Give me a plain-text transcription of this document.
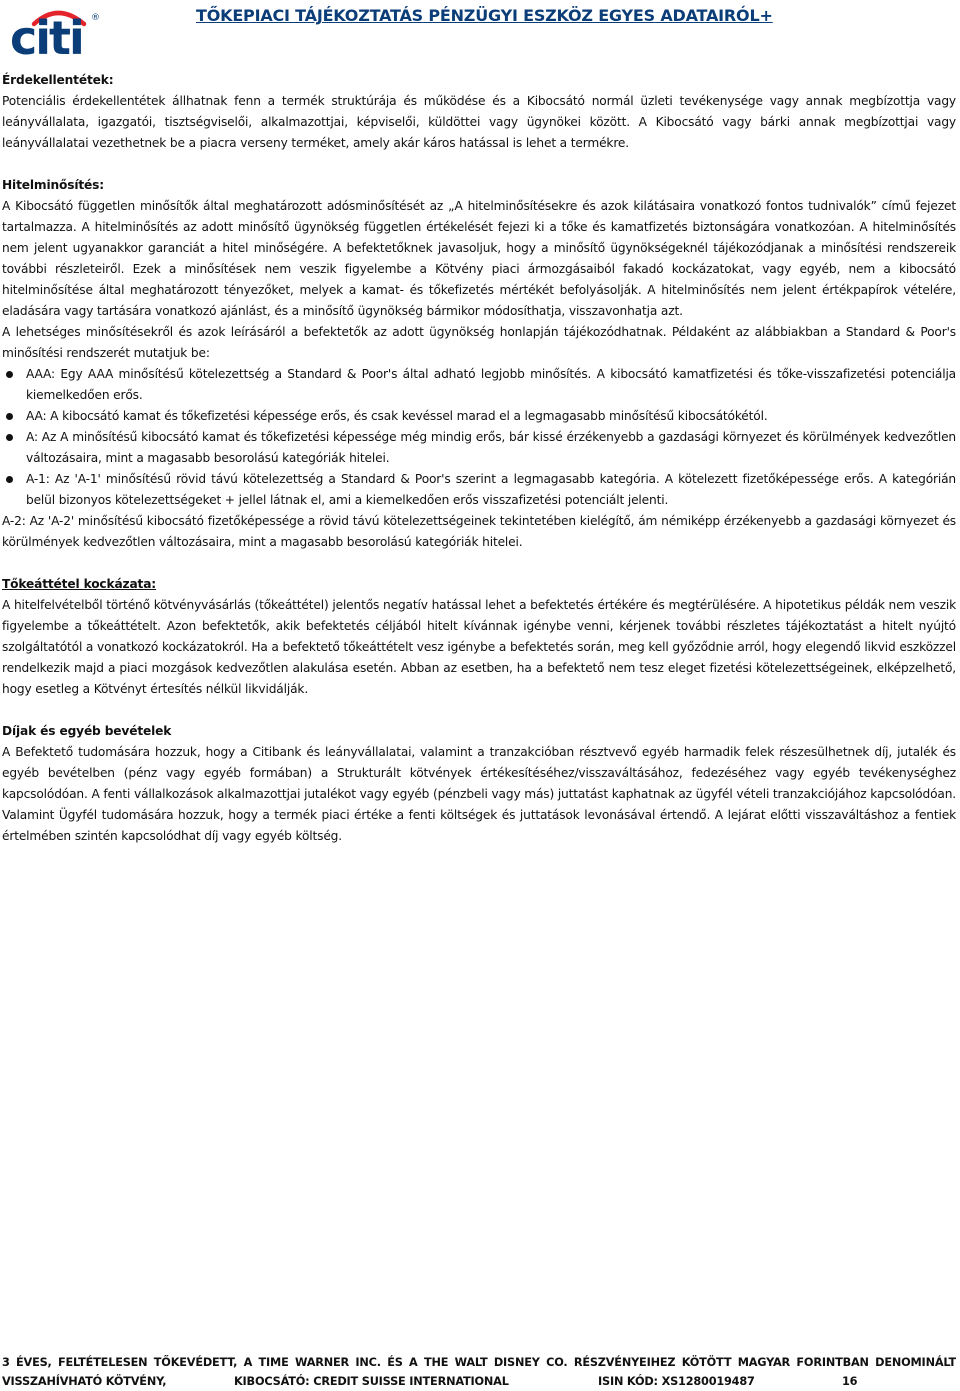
citi ®	TŐKEPIACI TÁJÉKOZTATÁS PÉNZÜGYI ESZKÖZ EGYES ADATAIRÓL+

Érdekellentétek:

Potenciális érdekellentétek állhatnak fenn a termék struktúrája és működése és a Kibocsátó normál üzleti tevékenysége vagy annak megbízottja vagy leányvállalata, igazgatói, tisztségviselői, alkalmazottjai, képviselői, küldöttei vagy ügynökei között. A Kibocsátó vagy bárki annak megbízottjai vagy leányvállalatai vezethetnek be a piacra verseny terméket, amely akár káros hatással is lehet a termékre.

Hitelminősítés:

A Kibocsátó független minősítők által meghatározott adósminősítését az „A hitelminősítésekre és azok kilátásaira vonatkozó fontos tudnivalók” című fejezet tartalmazza. A hitelminősítés az adott minősítő ügynökség független értékelését fejezi ki a tőke és kamatfizetés biztonságára vonatkozóan. A hitelminősítés nem jelent ugyanakkor garanciát a hitel minőségére. A befektetőknek javasoljuk, hogy a minősítő ügynökségeknél tájékozódjanak a minősítési rendszereik további részleteiről. Ezek a minősítések nem veszik figyelembe a Kötvény piaci ármozgásaiból fakadó kockázatokat, vagy egyéb, nem a kibocsátó hitelminősítése által meghatározott tényezőket, melyek a kamat- és tőkefizetés mértékét befolyásolják. A hitelminősítés nem jelent értékpapírok vételére, eladására vagy tartására vonatkozó ajánlást, és a minősítő ügynökség bármikor módosíthatja, visszavonhatja azt.

A lehetséges minősítésekről és azok leírásáról a befektetők az adott ügynökség honlapján tájékozódhatnak. Példaként az alábbiakban a Standard & Poor's minősítési rendszerét mutatjuk be:

AAA: Egy AAA minősítésű kötelezettség a Standard & Poor's által adható legjobb minősítés. A kibocsátó kamatfizetési és tőke-visszafizetési potenciálja kiemelkedően erős.
AA: A kibocsátó kamat és tőkefizetési képessége erős, és csak kevéssel marad el a legmagasabb minősítésű kibocsátókétól.
A: Az A minősítésű kibocsátó kamat és tőkefizetési képessége még mindig erős, bár kissé érzékenyebb a gazdasági környezet és körülmények kedvezőtlen változásaira, mint a magasabb besorolású kategóriák hitelei.
A-1: Az 'A-1' minősítésű rövid távú kötelezettség a Standard & Poor's szerint a legmagasabb kategória. A kötelezett fizetőképessége erős. A kategórián belül bizonyos kötelezettségeket + jellel látnak el, ami a kiemelkedően erős visszafizetési potenciált jelenti.

A-2: Az 'A-2' minősítésű kibocsátó fizetőképessége a rövid távú kötelezettségeinek tekintetében kielégítő, ám némiképp érzékenyebb a gazdasági környezet és körülmények kedvezőtlen változásaira, mint a magasabb besorolású kategóriák hitelei.

Tőkeáttétel kockázata:

A hitelfelvételből történő kötvényvásárlás (tőkeáttétel) jelentős negatív hatással lehet a befektetés értékére és megtérülésére. A hipotetikus példák nem veszik figyelembe a tőkeáttételt. Azon befektetők, akik befektetés céljából hitelt kívánnak igénybe venni, kérjenek további részletes tájékoztatást a hitelt nyújtó szolgáltatótól a vonatkozó kockázatokról. Ha a befektető tőkeáttételt vesz igénybe a befektetés során, meg kell győződnie arról, hogy elegendő likvid eszközzel rendelkezik majd a piaci mozgások kedvezőtlen alakulása esetén. Abban az esetben, ha a befektető nem tesz eleget fizetési kötelezettségeinek, elképzelhető, hogy esetleg a Kötvényt értesítés nélkül likvidálják.

Díjak és egyéb bevételek

A Befektető tudomására hozzuk, hogy a Citibank és leányvállalatai, valamint a tranzakcióban résztvevő egyéb harmadik felek részesülhetnek díj, jutalék és egyéb bevételben (pénz vagy egyéb formában) a Strukturált kötvények értékesítéséhez/visszaváltásához, fedezéséhez vagy egyéb tevékenységhez kapcsolódóan. A fenti vállalkozások alkalmazottjai jutalékot vagy egyéb (pénzbeli vagy más) juttatást kaphatnak az ügyfél vételi tranzakciójához kapcsolódóan. Valamint Ügyfél tudomására hozzuk, hogy a termék piaci értéke a fenti költségek és juttatások levonásával értendő. A lejárat előtti visszaváltáshoz a fentiek értelmében szintén kapcsolódhat díj vagy egyéb költség.

3 ÉVES, FELTÉTELESEN TŐKEVÉDETT, A TIME WARNER INC. ÉS A THE WALT DISNEY CO. RÉSZVÉNYEIHEZ KÖTÖTT MAGYAR FORINTBAN DENOMINÁLT
VISSZAHÍVHATÓ KÖTVÉNY,	KIBOCSÁTÓ: CREDIT SUISSE INTERNATIONAL	ISIN KÓD: XS1280019487	16
